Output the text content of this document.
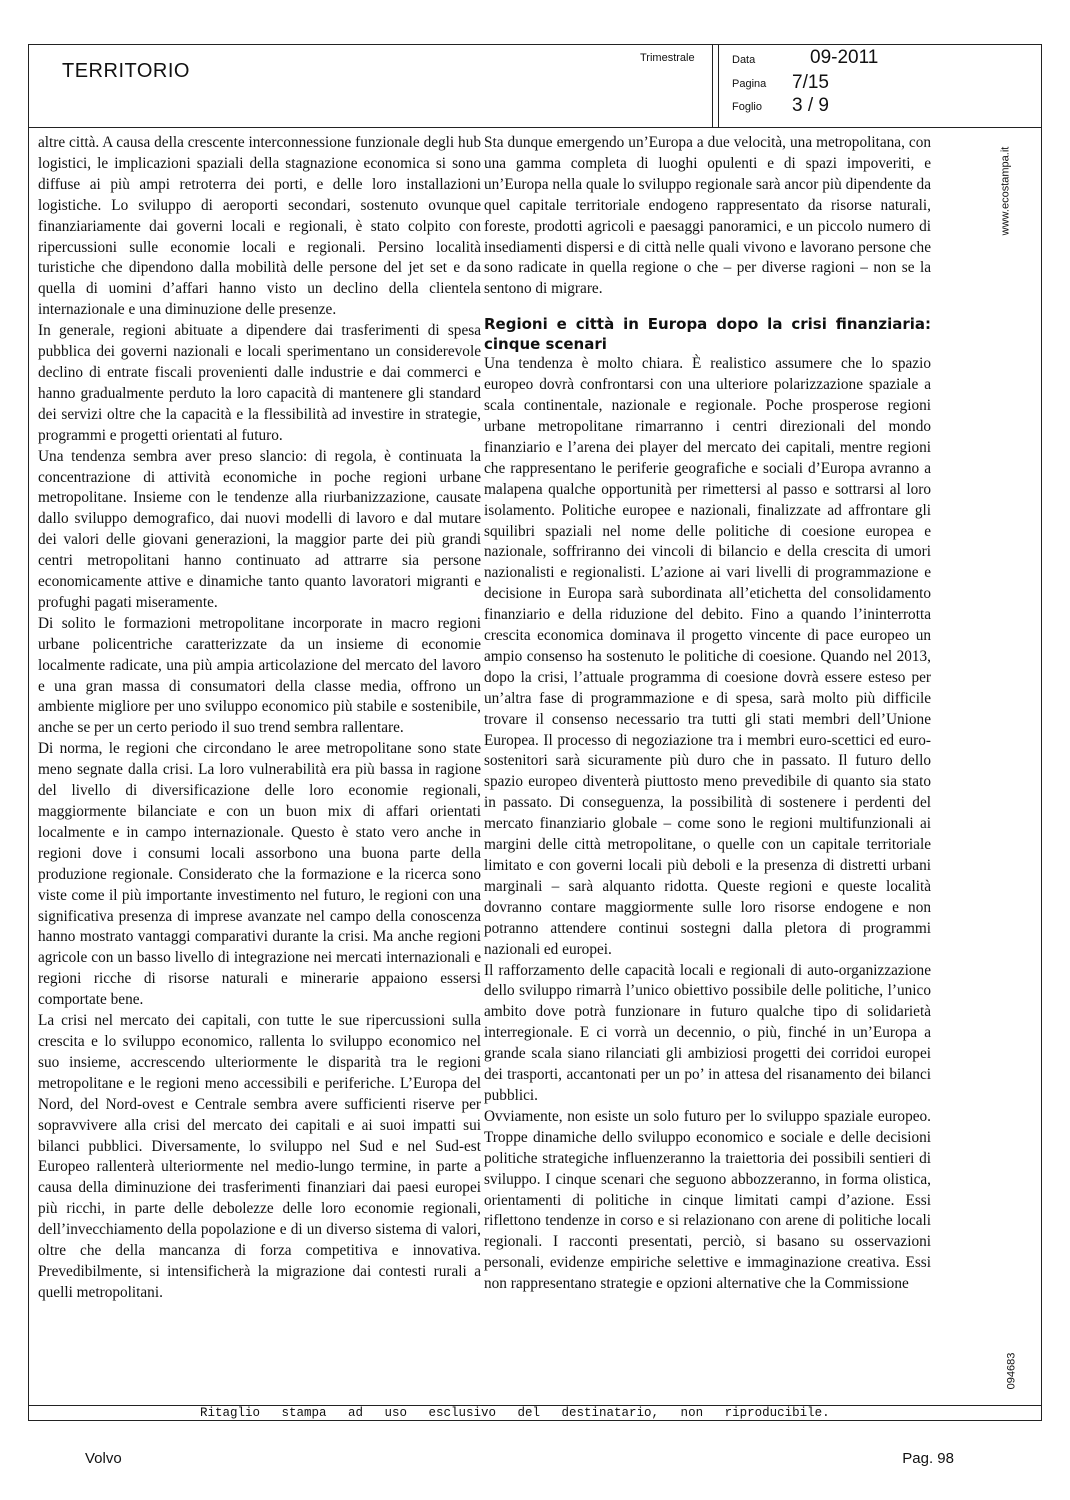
TERRITORIO
Trimestrale	Data	09-2011
Pagina 7/15
Foglio 3 / 9
www.ecostampa.it
094683

altre città. A causa della crescente interconnessione funzionale degli hub logistici, le implicazioni spaziali della stagnazione economica si sono diffuse ai più ampi retroterra dei porti, e delle loro installazioni logistiche. Lo sviluppo di aeroporti secondari, sostenuto ovunque finanziariamente dai governi locali e regionali, è stato colpito con ripercussioni sulle economie locali e regionali. Persino località turistiche che dipendono dalla mobilità delle persone del jet set e da quella di uomini d’affari hanno visto un declino della clientela internazionale e una diminuzione delle presenze.

In generale, regioni abituate a dipendere dai trasferimenti di spesa pubblica dei governi nazionali e locali sperimentano un considerevole declino di entrate fiscali provenienti dalle industrie e dai commerci e hanno gradualmente perduto la loro capacità di mantenere gli standard dei servizi oltre che la capacità e la flessibilità ad investire in strategie, programmi e progetti orientati al futuro.

Una tendenza sembra aver preso slancio: di regola, è continuata la concentrazione di attività economiche in poche regioni urbane metropolitane. Insieme con le tendenze alla riurbanizzazione, causate dallo sviluppo demografico, dai nuovi modelli di lavoro e dal mutare dei valori delle giovani generazioni, la maggior parte dei più grandi centri metropolitani hanno continuato ad attrarre sia persone economicamente attive e dinamiche tanto quanto lavoratori migranti e profughi pagati miseramente.

Di solito le formazioni metropolitane incorporate in macro regioni urbane policentriche caratterizzate da un insieme di economie localmente radicate, una più ampia articolazione del mercato del lavoro e una gran massa di consumatori della classe media, offrono un ambiente migliore per uno sviluppo economico più stabile e sostenibile, anche se per un certo periodo il suo trend sembra rallentare.

Di norma, le regioni che circondano le aree metropolitane sono state meno segnate dalla crisi. La loro vulnerabilità era più bassa in ragione del livello di diversificazione delle loro economie regionali, maggiormente bilanciate e con un buon mix di affari orientati localmente e in campo internazionale. Questo è stato vero anche in regioni dove i consumi locali assorbono una buona parte della produzione regionale. Considerato che la formazione e la ricerca sono viste come il più importante investimento nel futuro, le regioni con una significativa presenza di imprese avanzate nel campo della conoscenza hanno mostrato vantaggi comparativi durante la crisi. Ma anche regioni agricole con un basso livello di integrazione nei mercati internazionali e regioni ricche di risorse naturali e minerarie appaiono essersi comportate bene.

La crisi nel mercato dei capitali, con tutte le sue ripercussioni sulla crescita e lo sviluppo economico, rallenta lo sviluppo economico nel suo insieme, accrescendo ulteriormente le disparità tra le regioni metropolitane e le regioni meno accessibili e periferiche. L’Europa del Nord, del Nord-ovest e Centrale sembra avere sufficienti riserve per sopravvivere alla crisi del mercato dei capitali e ai suoi impatti sui bilanci pubblici. Diversamente, lo sviluppo nel Sud e nel Sud-est Europeo rallenterà ulteriormente nel medio-lungo termine, in parte a causa della diminuzione dei trasferimenti finanziari dai paesi europei più ricchi, in parte delle debolezze delle loro economie regionali, dell’invecchiamento della popolazione e di un diverso sistema di valori, oltre che della mancanza di forza competitiva e innovativa. Prevedibilmente, si intensificherà la migrazione dai contesti rurali a quelli metropolitani.

Sta dunque emergendo un’Europa a due velocità, una metropolitana, con una gamma completa di luoghi opulenti e di spazi impoveriti, e un’Europa nella quale lo sviluppo regionale sarà ancor più dipendente da quel capitale territoriale endogeno rappresentato da risorse naturali, foreste, prodotti agricoli e paesaggi panoramici, e un piccolo numero di insediamenti dispersi e di città nelle quali vivono e lavorano persone che sono radicate in quella regione o che – per diverse ragioni – non se la sentono di migrare.

Regioni e città in Europa dopo la crisi finanziaria: cinque scenari

Una tendenza è molto chiara. È realistico assumere che lo spazio europeo dovrà confrontarsi con una ulteriore polarizzazione spaziale a scala continentale, nazionale e regionale. Poche prosperose regioni urbane metropolitane rimarranno i centri direzionali del mondo finanziario e l’arena dei player del mercato dei capitali, mentre regioni che rappresentano le periferie geografiche e sociali d’Europa avranno a malapena qualche opportunità per rimettersi al passo e sottrarsi al loro isolamento. Politiche europee e nazionali, finalizzate ad affrontare gli squilibri spaziali nel nome delle politiche di coesione europea e nazionale, soffriranno dei vincoli di bilancio e della crescita di umori nazionalisti e regionalisti. L’azione ai vari livelli di programmazione e decisione in Europa sarà subordinata all’etichetta del consolidamento finanziario e della riduzione del debito. Fino a quando l’ininterrotta crescita economica dominava il progetto vincente di pace europeo un ampio consenso ha sostenuto le politiche di coesione. Quando nel 2013, dopo la crisi, l’attuale programma di coesione dovrà essere esteso per un’altra fase di programmazione e di spesa, sarà molto più difficile trovare il consenso necessario tra tutti gli stati membri dell’Unione Europea. Il processo di negoziazione tra i membri euro-scettici ed euro-sostenitori sarà sicuramente più duro che in passato. Il futuro dello spazio europeo diventerà piuttosto meno prevedibile di quanto sia stato in passato. Di conseguenza, la possibilità di sostenere i perdenti del mercato finanziario globale – come sono le regioni multifunzionali ai margini delle città metropolitane, o quelle con un capitale territoriale limitato e con governi locali più deboli e la presenza di distretti urbani marginali – sarà alquanto ridotta. Queste regioni e queste località dovranno contare maggiormente sulle loro risorse endogene e non potranno attendere continui sostegni dalla pletora di programmi nazionali ed europei.

Il rafforzamento delle capacità locali e regionali di auto-organizzazione dello sviluppo rimarrà l’unico obiettivo possibile delle politiche, l’unico ambito dove potrà funzionare in futuro qualche tipo di solidarietà interregionale. E ci vorrà un decennio, o più, finché in un’Europa a grande scala siano rilanciati gli ambiziosi progetti dei corridoi europei dei trasporti, accantonati per un po’ in attesa del risanamento dei bilanci pubblici.

Ovviamente, non esiste un solo futuro per lo sviluppo spaziale europeo. Troppe dinamiche dello sviluppo economico e sociale e delle decisioni politiche strategiche influenzeranno la traiettoria dei possibili sentieri di sviluppo. I cinque scenari che seguono abbozzeranno, in forma olistica, orientamenti di politiche in cinque limitati campi d’azione. Essi riflettono tendenze in corso e si relazionano con arene di politiche locali regionali. I racconti presentati, perciò, si basano su osservazioni personali, evidenze empiriche selettive e immaginazione creativa. Essi non rappresentano strategie e opzioni alternative che la Commissione

Ritaglio stampa ad uso esclusivo del destinatario, non riproducibile.
Volvo	Pag. 98
